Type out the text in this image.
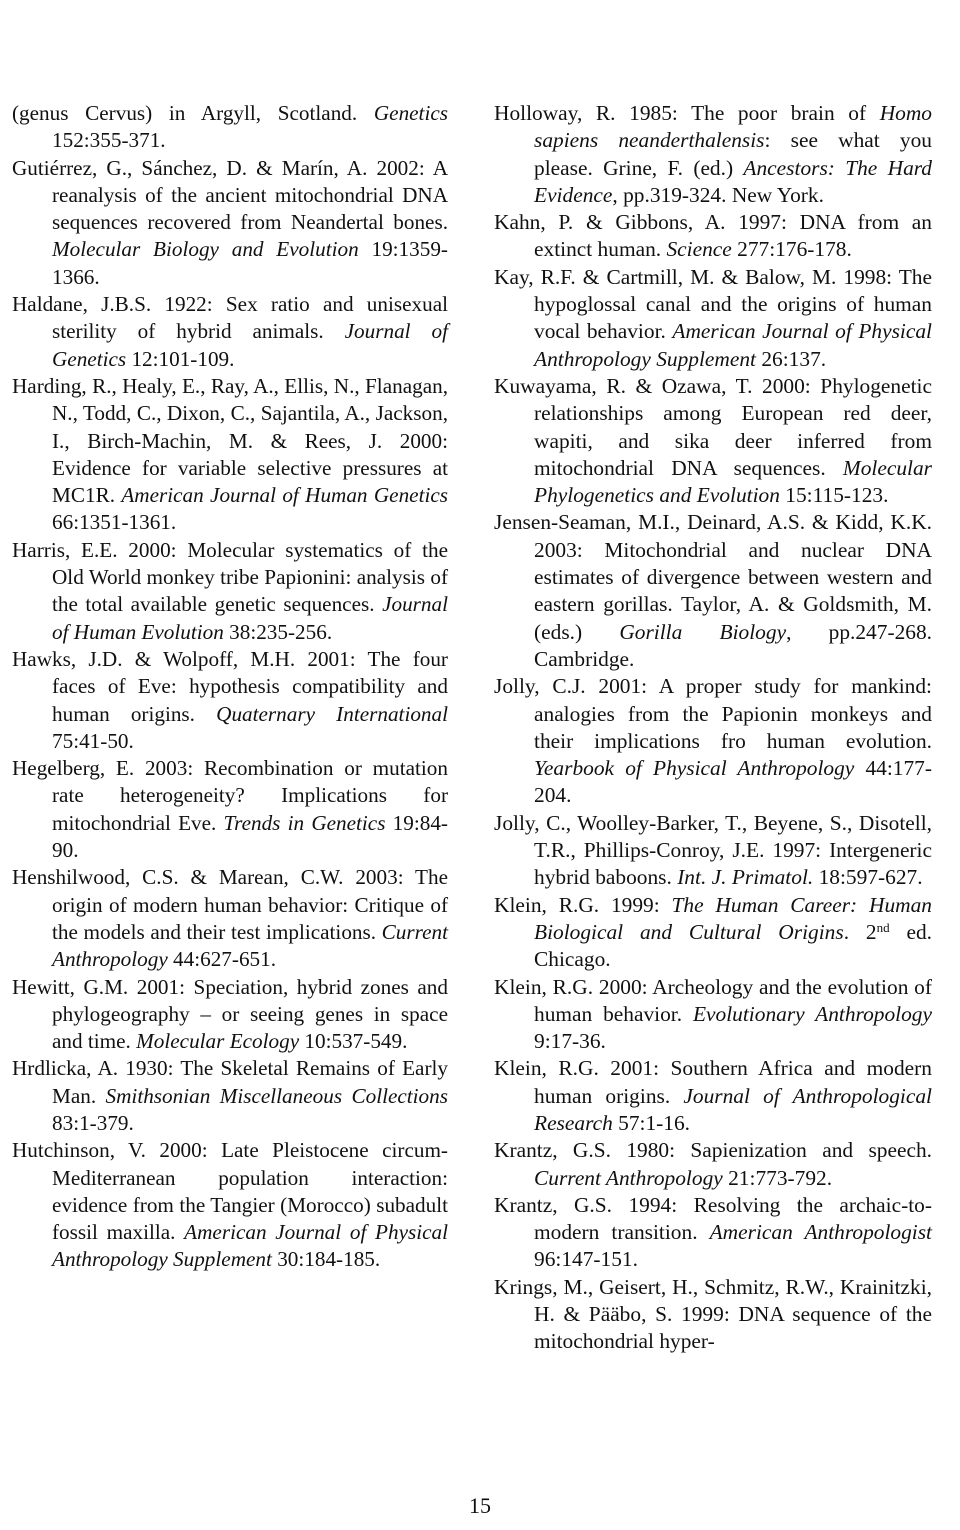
(genus Cervus) in Argyll, Scotland. Genetics 152:355-371.
Gutiérrez, G., Sánchez, D. & Marín, A. 2002: A reanalysis of the ancient mitochondrial DNA sequences recovered from Neandertal bones. Molecular Biology and Evolution 19:1359-1366.
Haldane, J.B.S. 1922: Sex ratio and unisexual sterility of hybrid animals. Journal of Genetics 12:101-109.
Harding, R., Healy, E., Ray, A., Ellis, N., Flanagan, N., Todd, C., Dixon, C., Sajantila, A., Jackson, I., Birch-Machin, M. & Rees, J. 2000: Evidence for variable selective pressures at MC1R. American Journal of Human Genetics 66:1351-1361.
Harris, E.E. 2000: Molecular systematics of the Old World monkey tribe Papionini: analysis of the total available genetic sequences. Journal of Human Evolution 38:235-256.
Hawks, J.D. & Wolpoff, M.H. 2001: The four faces of Eve: hypothesis compatibility and human origins. Quaternary International 75:41-50.
Hegelberg, E. 2003: Recombination or mutation rate heterogeneity? Implications for mitochondrial Eve. Trends in Genetics 19:84-90.
Henshilwood, C.S. & Marean, C.W. 2003: The origin of modern human behavior: Critique of the models and their test implications. Current Anthropology 44:627-651.
Hewitt, G.M. 2001: Speciation, hybrid zones and phylogeography – or seeing genes in space and time. Molecular Ecology 10:537-549.
Hrdlicka, A. 1930: The Skeletal Remains of Early Man. Smithsonian Miscellaneous Collections 83:1-379.
Hutchinson, V. 2000: Late Pleistocene circum-Mediterranean population interaction: evidence from the Tangier (Morocco) subadult fossil maxilla. American Journal of Physical Anthropology Supplement 30:184-185.
Holloway, R. 1985: The poor brain of Homo sapiens neanderthalensis: see what you please. Grine, F. (ed.) Ancestors: The Hard Evidence, pp.319-324. New York.
Kahn, P. & Gibbons, A. 1997: DNA from an extinct human. Science 277:176-178.
Kay, R.F. & Cartmill, M. & Balow, M. 1998: The hypoglossal canal and the origins of human vocal behavior. American Journal of Physical Anthropology Supplement 26:137.
Kuwayama, R. & Ozawa, T. 2000: Phylogenetic relationships among European red deer, wapiti, and sika deer inferred from mitochondrial DNA sequences. Molecular Phylogenetics and Evolution 15:115-123.
Jensen-Seaman, M.I., Deinard, A.S. & Kidd, K.K. 2003: Mitochondrial and nuclear DNA estimates of divergence between western and eastern gorillas. Taylor, A. & Goldsmith, M. (eds.) Gorilla Biology, pp.247-268. Cambridge.
Jolly, C.J. 2001: A proper study for mankind: analogies from the Papionin monkeys and their implications fro human evolution. Yearbook of Physical Anthropology 44:177-204.
Jolly, C., Woolley-Barker, T., Beyene, S., Disotell, T.R., Phillips-Conroy, J.E. 1997: Intergeneric hybrid baboons. Int. J. Primatol. 18:597-627.
Klein, R.G. 1999: The Human Career: Human Biological and Cultural Origins. 2nd ed. Chicago.
Klein, R.G. 2000: Archeology and the evolution of human behavior. Evolutionary Anthropology 9:17-36.
Klein, R.G. 2001: Southern Africa and modern human origins. Journal of Anthropological Research 57:1-16.
Krantz, G.S. 1980: Sapienization and speech. Current Anthropology 21:773-792.
Krantz, G.S. 1994: Resolving the archaic-to-modern transition. American Anthropologist 96:147-151.
Krings, M., Geisert, H., Schmitz, R.W., Krainitzki, H. & Pääbo, S. 1999: DNA sequence of the mitochondrial hyper-
15
